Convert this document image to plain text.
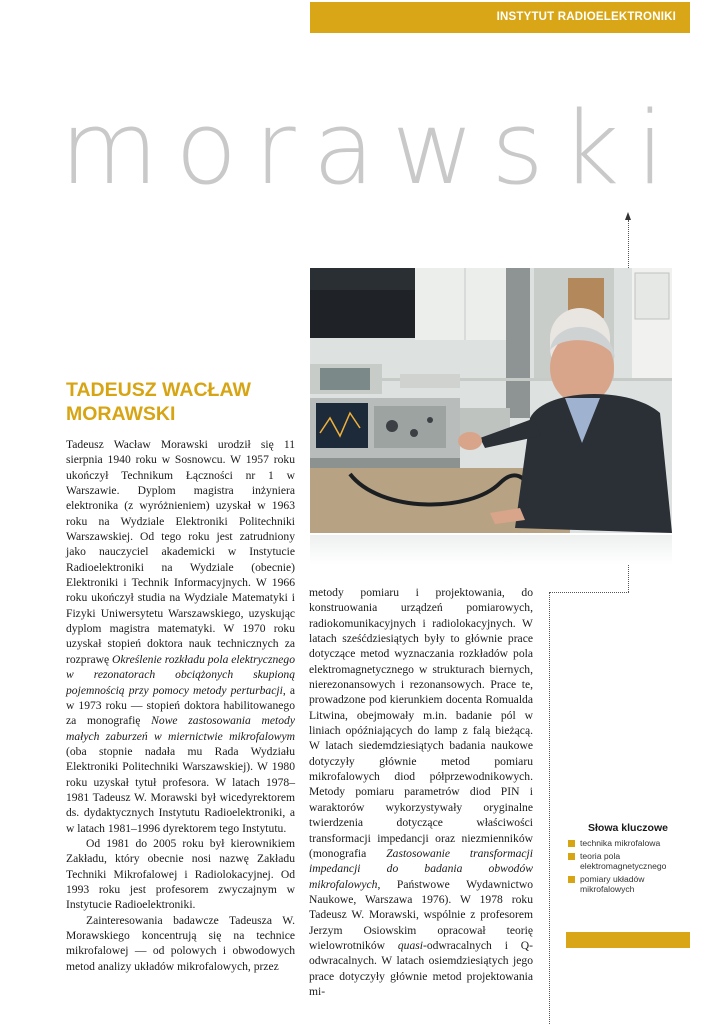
INSTYTUT RADIOELEKTRONIKI
morawski
TADEUSZ WACŁAW
MORAWSKI

Tadeusz Wacław Morawski urodził się 11 sierpnia 1940 roku w Sosnowcu. W 1957 roku ukończył Technikum Łączności nr 1 w Warszawie. Dyplom magistra inżyniera elektronika (z wyróżnieniem) uzyskał w 1963 roku na Wydziale Elektroniki Politechniki Warszawskiej. Od tego roku jest zatrudniony jako nauczyciel akademicki w Instytucie Radioelektroniki na Wydziale (obecnie) Elektroniki i Technik Informacyjnych. W 1966 roku ukończył studia na Wydziale Matematyki i Fizyki Uniwersytetu Warszawskiego, uzyskując dyplom magistra matematyki. W 1970 roku uzyskał stopień doktora nauk technicznych za rozprawę Określenie rozkładu pola elektrycznego w rezonatorach obciążonych skupioną pojemnością przy pomocy metody perturbacji, a w 1973 roku — stopień doktora habilitowanego za monografię Nowe zastosowania metody małych zaburzeń w miernictwie mikrofalowym (oba stopnie nadała mu Rada Wydziału Elektroniki Politechniki Warszawskiej). W 1980 roku uzyskał tytuł profesora. W latach 1978–1981 Tadeusz W. Morawski był wicedyrektorem ds. dydaktycznych Instytutu Radioelektroniki, a w latach 1981–1996 dyrektorem tego Instytutu.

Od 1981 do 2005 roku był kierownikiem Zakładu, który obecnie nosi nazwę Zakładu Techniki Mikrofalowej i Radiolokacyjnej. Od 1993 roku jest profesorem zwyczajnym w Instytucie Radioelektroniki.

Zainteresowania badawcze Tadeusza W. Morawskiego koncentrują się na technice mikrofalowej — od polowych i obwodowych metod analizy układów mikrofalowych, przez

metody pomiaru i projektowania, do konstruowania urządzeń pomiarowych, radiokomunikacyjnych i radiolokacyjnych. W latach sześćdziesiątych były to głównie prace dotyczące metod wyznaczania rozkładów pola elektromagnetycznego w strukturach biernych, nierezonansowych i rezonansowych. Prace te, prowadzone pod kierunkiem docenta Romualda Litwina, obejmowały m.in. badanie pól w liniach opóźniających do lamp z falą bieżącą. W latach siedemdziesiątych badania naukowe dotyczyły głównie metod pomiaru mikrofalowych diod półprzewodnikowych. Metody pomiaru parametrów diod PIN i waraktorów wykorzystywały oryginalne twierdzenia dotyczące właściwości transformacji impedancji oraz niezmienników (monografia Zastosowanie transformacji impedancji do badania obwodów mikrofalowych, Państwowe Wydawnictwo Naukowe, Warszawa 1976). W 1978 roku Tadeusz W. Morawski, wspólnie z profesorem Jerzym Osiowskim opracował teorię wielowrotników quasi-odwracalnych i Q-odwracalnych. W latach osiemdziesiątych jego prace dotyczyły głównie metod projektowania mi-

Słowa kluczowe
technika mikrofalowa
teoria pola elektromagnetycznego
pomiary układów mikrofalowych
